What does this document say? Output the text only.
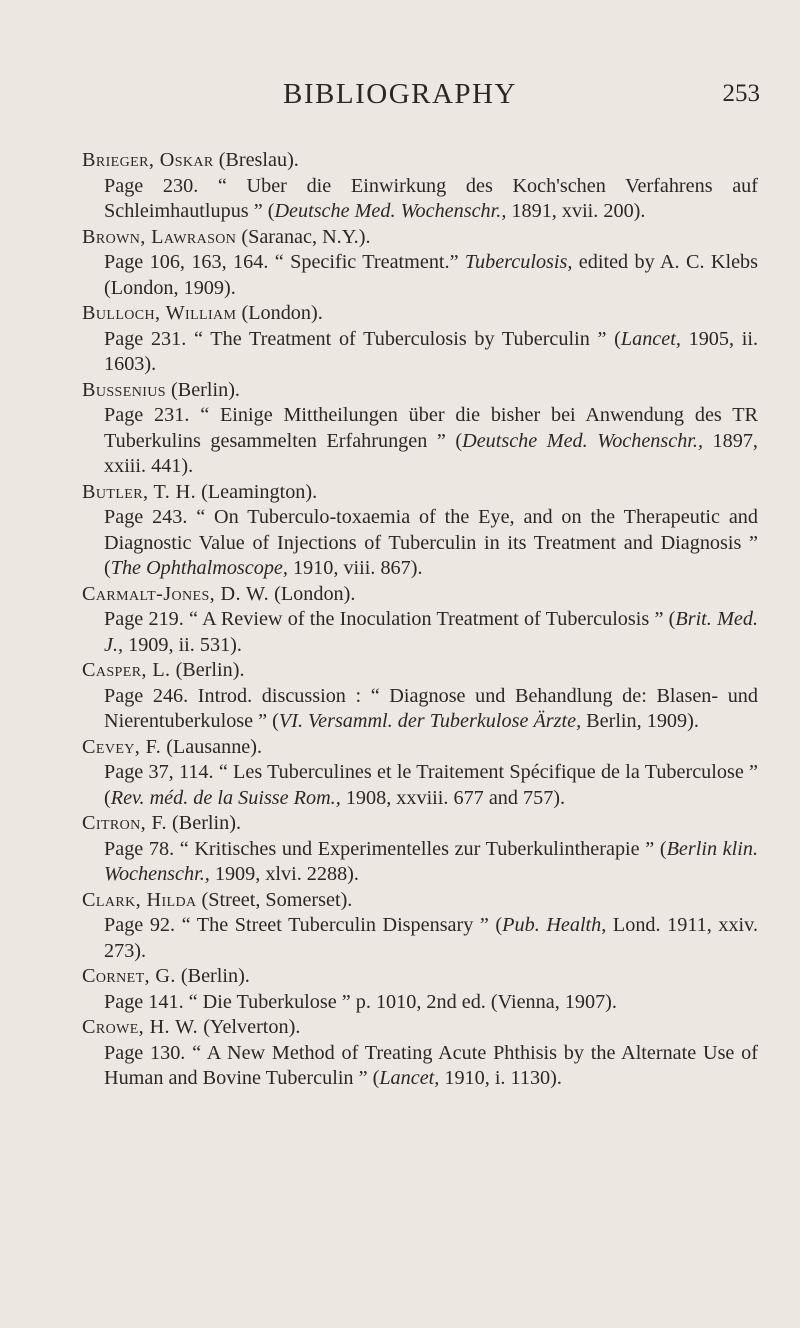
BIBLIOGRAPHY	253
Brieger, Oskar (Breslau).
Page 230. “ Uber die Einwirkung des Koch'schen Verfahrens auf Schleimhautlupus ” (Deutsche Med. Wochenschr., 1891, xvii. 200).
Brown, Lawrason (Saranac, N.Y.).
Page 106, 163, 164. “ Specific Treatment.” Tuberculosis, edited by A. C. Klebs (London, 1909).
Bulloch, William (London).
Page 231. “ The Treatment of Tuberculosis by Tuberculin ” (Lancet, 1905, ii. 1603).
Bussenius (Berlin).
Page 231. “ Einige Mittheilungen über die bisher bei Anwendung des TR Tuberkulins gesammelten Erfahrungen ” (Deutsche Med. Wochenschr., 1897, xxiii. 441).
Butler, T. H. (Leamington).
Page 243. “ On Tuberculo-toxaemia of the Eye, and on the Therapeutic and Diagnostic Value of Injections of Tuberculin in its Treatment and Diagnosis ” (The Ophthalmoscope, 1910, viii. 867).
Carmalt-Jones, D. W. (London).
Page 219. “ A Review of the Inoculation Treatment of Tuberculosis ” (Brit. Med. J., 1909, ii. 531).
Casper, L. (Berlin).
Page 246. Introd. discussion : “ Diagnose und Behandlung de: Blasen- und Nierentuberkulose ” (VI. Versamml. der Tuberkulose Ärzte, Berlin, 1909).
Cevey, F. (Lausanne).
Page 37, 114. “ Les Tuberculines et le Traitement Spécifique de la Tuberculose ” (Rev. méd. de la Suisse Rom., 1908, xxviii. 677 and 757).
Citron, F. (Berlin).
Page 78. “ Kritisches und Experimentelles zur Tuberkulintherapie ” (Berlin klin. Wochenschr., 1909, xlvi. 2288).
Clark, Hilda (Street, Somerset).
Page 92. “ The Street Tuberculin Dispensary ” (Pub. Health, Lond. 1911, xxiv. 273).
Cornet, G. (Berlin).
Page 141. “ Die Tuberkulose ” p. 1010, 2nd ed. (Vienna, 1907).
Crowe, H. W. (Yelverton).
Page 130. “ A New Method of Treating Acute Phthisis by the Alternate Use of Human and Bovine Tuberculin ” (Lancet, 1910, i. 1130).
